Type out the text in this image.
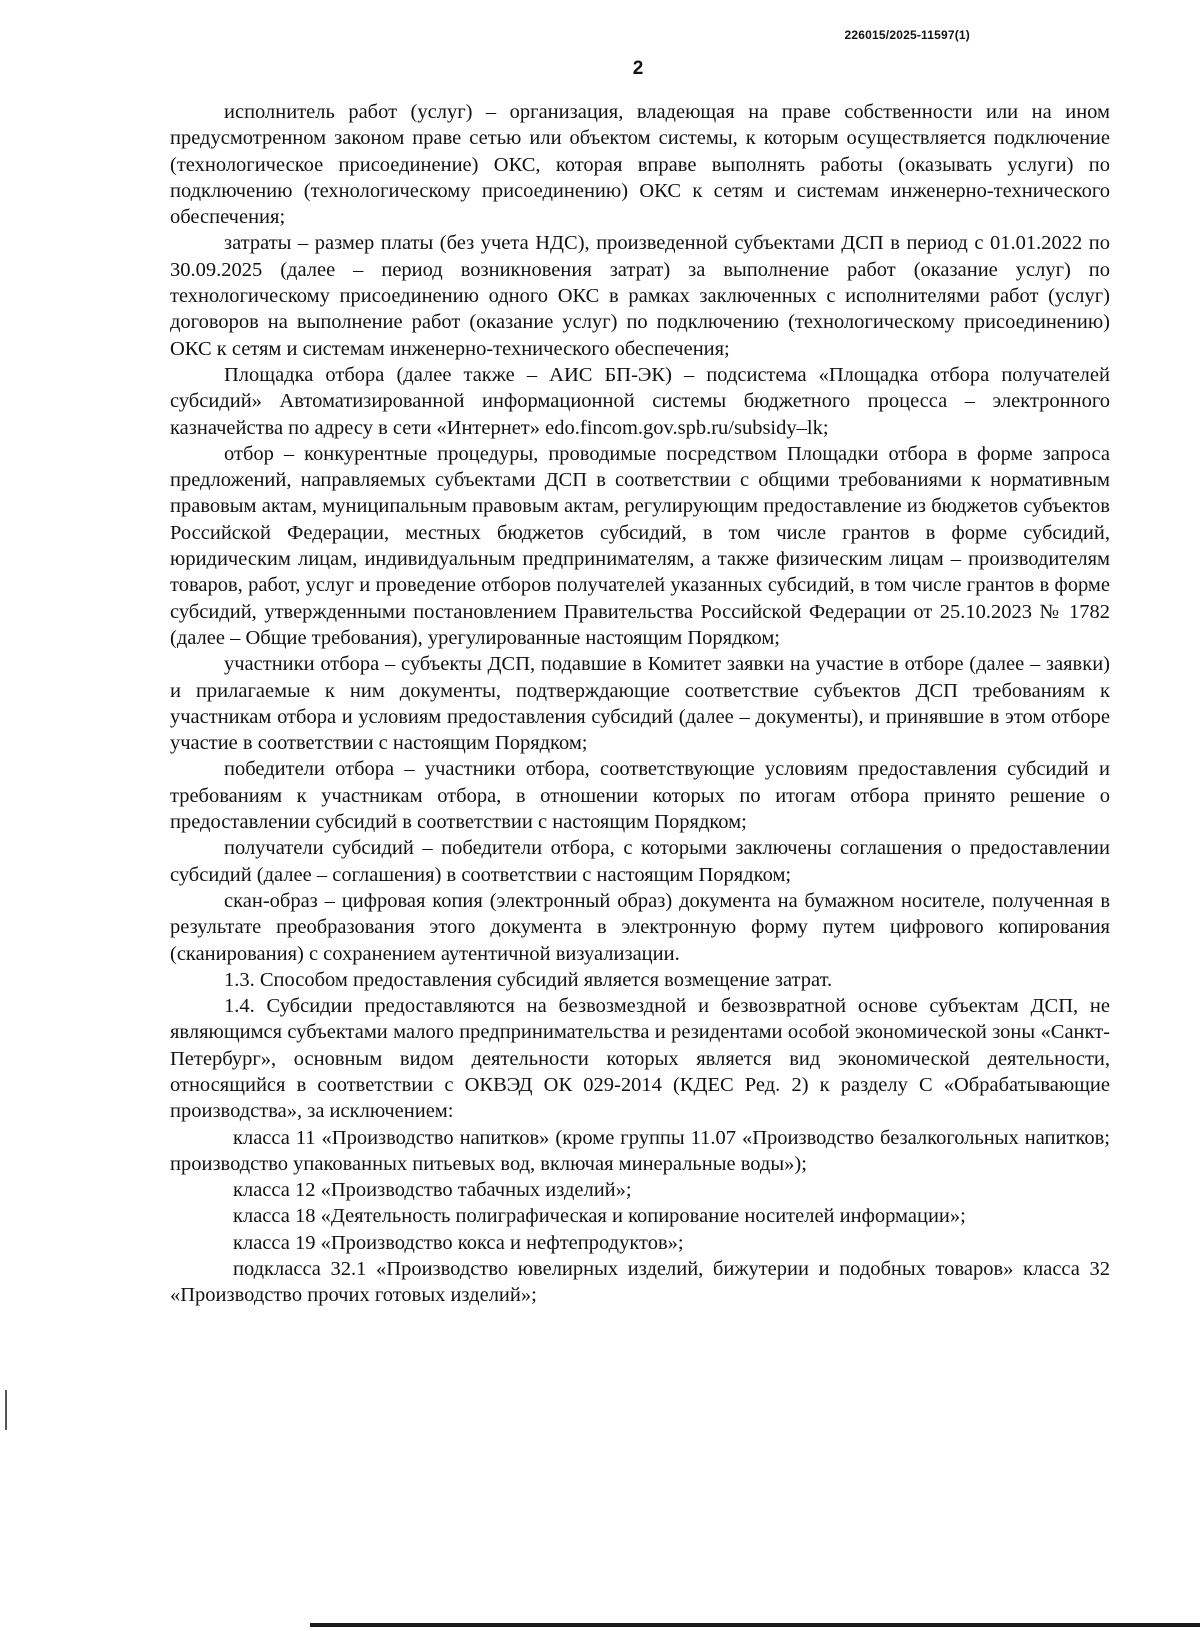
226015/2025-11597(1)
2

исполнитель работ (услуг) – организация, владеющая на праве собственности или на ином предусмотренном законом праве сетью или объектом системы, к которым осуществляется подключение (технологическое присоединение) ОКС, которая вправе выполнять работы (оказывать услуги) по подключению (технологическому присоединению) ОКС к сетям и системам инженерно-технического обеспечения;

затраты – размер платы (без учета НДС), произведенной субъектами ДСП в период с 01.01.2022 по 30.09.2025 (далее – период возникновения затрат) за выполнение работ (оказание услуг) по технологическому присоединению одного ОКС в рамках заключенных с исполнителями работ (услуг) договоров на выполнение работ (оказание услуг) по подключению (технологическому присоединению) ОКС к сетям и системам инженерно-технического обеспечения;

Площадка отбора (далее также – АИС БП-ЭК) – подсистема «Площадка отбора получателей субсидий» Автоматизированной информационной системы бюджетного процесса – электронного казначейства по адресу в сети «Интернет» edo.fincom.gov.spb.ru/subsidy–lk;

отбор – конкурентные процедуры, проводимые посредством Площадки отбора в форме запроса предложений, направляемых субъектами ДСП в соответствии с общими требованиями к нормативным правовым актам, муниципальным правовым актам, регулирующим предоставление из бюджетов субъектов Российской Федерации, местных бюджетов субсидий, в том числе грантов в форме субсидий, юридическим лицам, индивидуальным предпринимателям, а также физическим лицам – производителям товаров, работ, услуг и проведение отборов получателей указанных субсидий, в том числе грантов в форме субсидий, утвержденными постановлением Правительства Российской Федерации от 25.10.2023 № 1782 (далее – Общие требования), урегулированные настоящим Порядком;

участники отбора – субъекты ДСП, подавшие в Комитет заявки на участие в отборе (далее – заявки) и прилагаемые к ним документы, подтверждающие соответствие субъектов ДСП требованиям к участникам отбора и условиям предоставления субсидий (далее – документы), и принявшие в этом отборе участие в соответствии с настоящим Порядком;

победители отбора – участники отбора, соответствующие условиям предоставления субсидий и требованиям к участникам отбора, в отношении которых по итогам отбора принято решение о предоставлении субсидий в соответствии с настоящим Порядком;

получатели субсидий – победители отбора, с которыми заключены соглашения о предоставлении субсидий (далее – соглашения) в соответствии с настоящим Порядком;

скан-образ – цифровая копия (электронный образ) документа на бумажном носителе, полученная в результате преобразования этого документа в электронную форму путем цифрового копирования (сканирования) с сохранением аутентичной визуализации.

1.3. Способом предоставления субсидий является возмещение затрат.

1.4. Субсидии предоставляются на безвозмездной и безвозвратной основе субъектам ДСП, не являющимся субъектами малого предпринимательства и резидентами особой экономической зоны «Санкт-Петербург», основным видом деятельности которых является вид экономической деятельности, относящийся в соответствии с ОКВЭД ОК 029-2014 (КДЕС Ред. 2) к разделу С «Обрабатывающие производства», за исключением:

класса 11 «Производство напитков» (кроме группы 11.07 «Производство безалкогольных напитков; производство упакованных питьевых вод, включая минеральные воды»);

класса 12 «Производство табачных изделий»;

класса 18 «Деятельность полиграфическая и копирование носителей информации»;

класса 19 «Производство кокса и нефтепродуктов»;

подкласса 32.1 «Производство ювелирных изделий, бижутерии и подобных товаров» класса 32 «Производство прочих готовых изделий»;
